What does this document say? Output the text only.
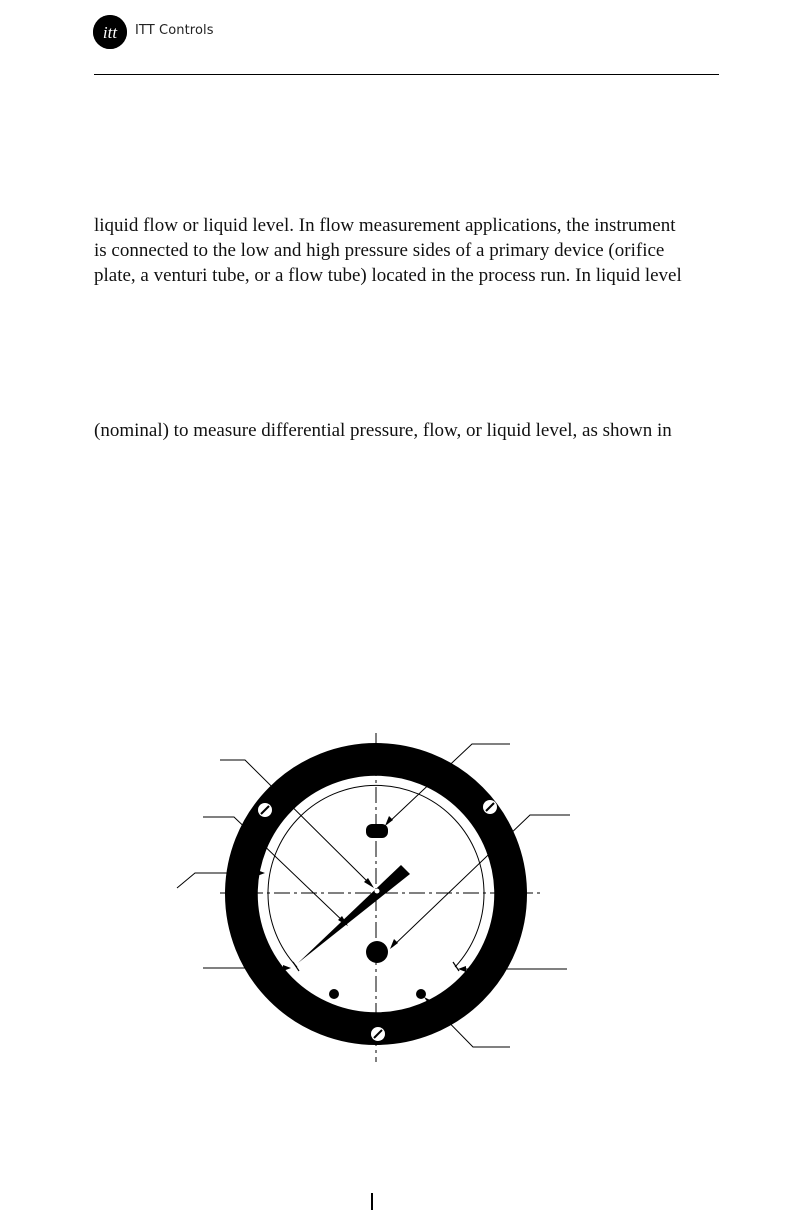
itt ITT Controls
liquid flow or liquid level. In flow measurement applications, the instrument
is connected to the low and high pressure sides of a primary device (orifice
plate, a venturi tube, or a flow tube) located in the process run. In liquid level
(nominal) to measure differential pressure, flow, or liquid level, as shown in
